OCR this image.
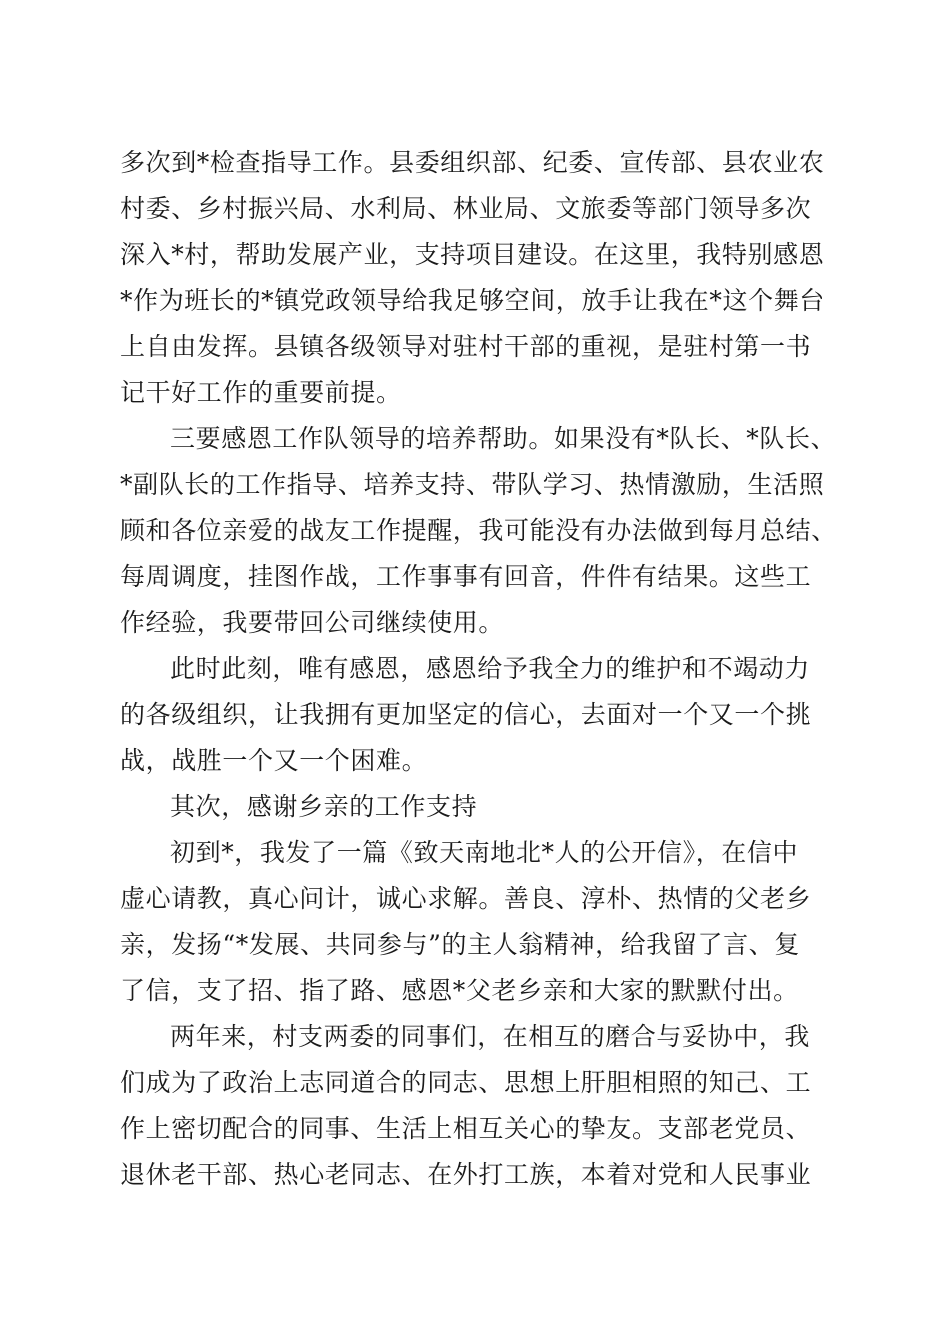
多次到*检查指导工作。县委组织部、纪委、宣传部、县农业农
村委、乡村振兴局、水利局、林业局、文旅委等部门领导多次
深入*村，帮助发展产业，支持项目建设。在这里，我特别感恩
*作为班长的*镇党政领导给我足够空间，放手让我在*这个舞台
上自由发挥。县镇各级领导对驻村干部的重视，是驻村第一书
记干好工作的重要前提。
三要感恩工作队领导的培养帮助。如果没有*队长、*队长、
*副队长的工作指导、培养支持、带队学习、热情激励，生活照
顾和各位亲爱的战友工作提醒，我可能没有办法做到每月总结、
每周调度，挂图作战，工作事事有回音，件件有结果。这些工
作经验，我要带回公司继续使用。
此时此刻，唯有感恩，感恩给予我全力的维护和不竭动力
的各级组织，让我拥有更加坚定的信心，去面对一个又一个挑
战，战胜一个又一个困难。
其次，感谢乡亲的工作支持
初到*，我发了一篇《致天南地北*人的公开信》，在信中
虚心请教，真心问计，诚心求解。善良、淳朴、热情的父老乡
亲，发扬“*发展、共同参与”的主人翁精神，给我留了言、复
了信，支了招、指了路、感恩*父老乡亲和大家的默默付出。
两年来，村支两委的同事们，在相互的磨合与妥协中，我
们成为了政治上志同道合的同志、思想上肝胆相照的知己、工
作上密切配合的同事、生活上相互关心的挚友。支部老党员、
退休老干部、热心老同志、在外打工族，本着对党和人民事业
